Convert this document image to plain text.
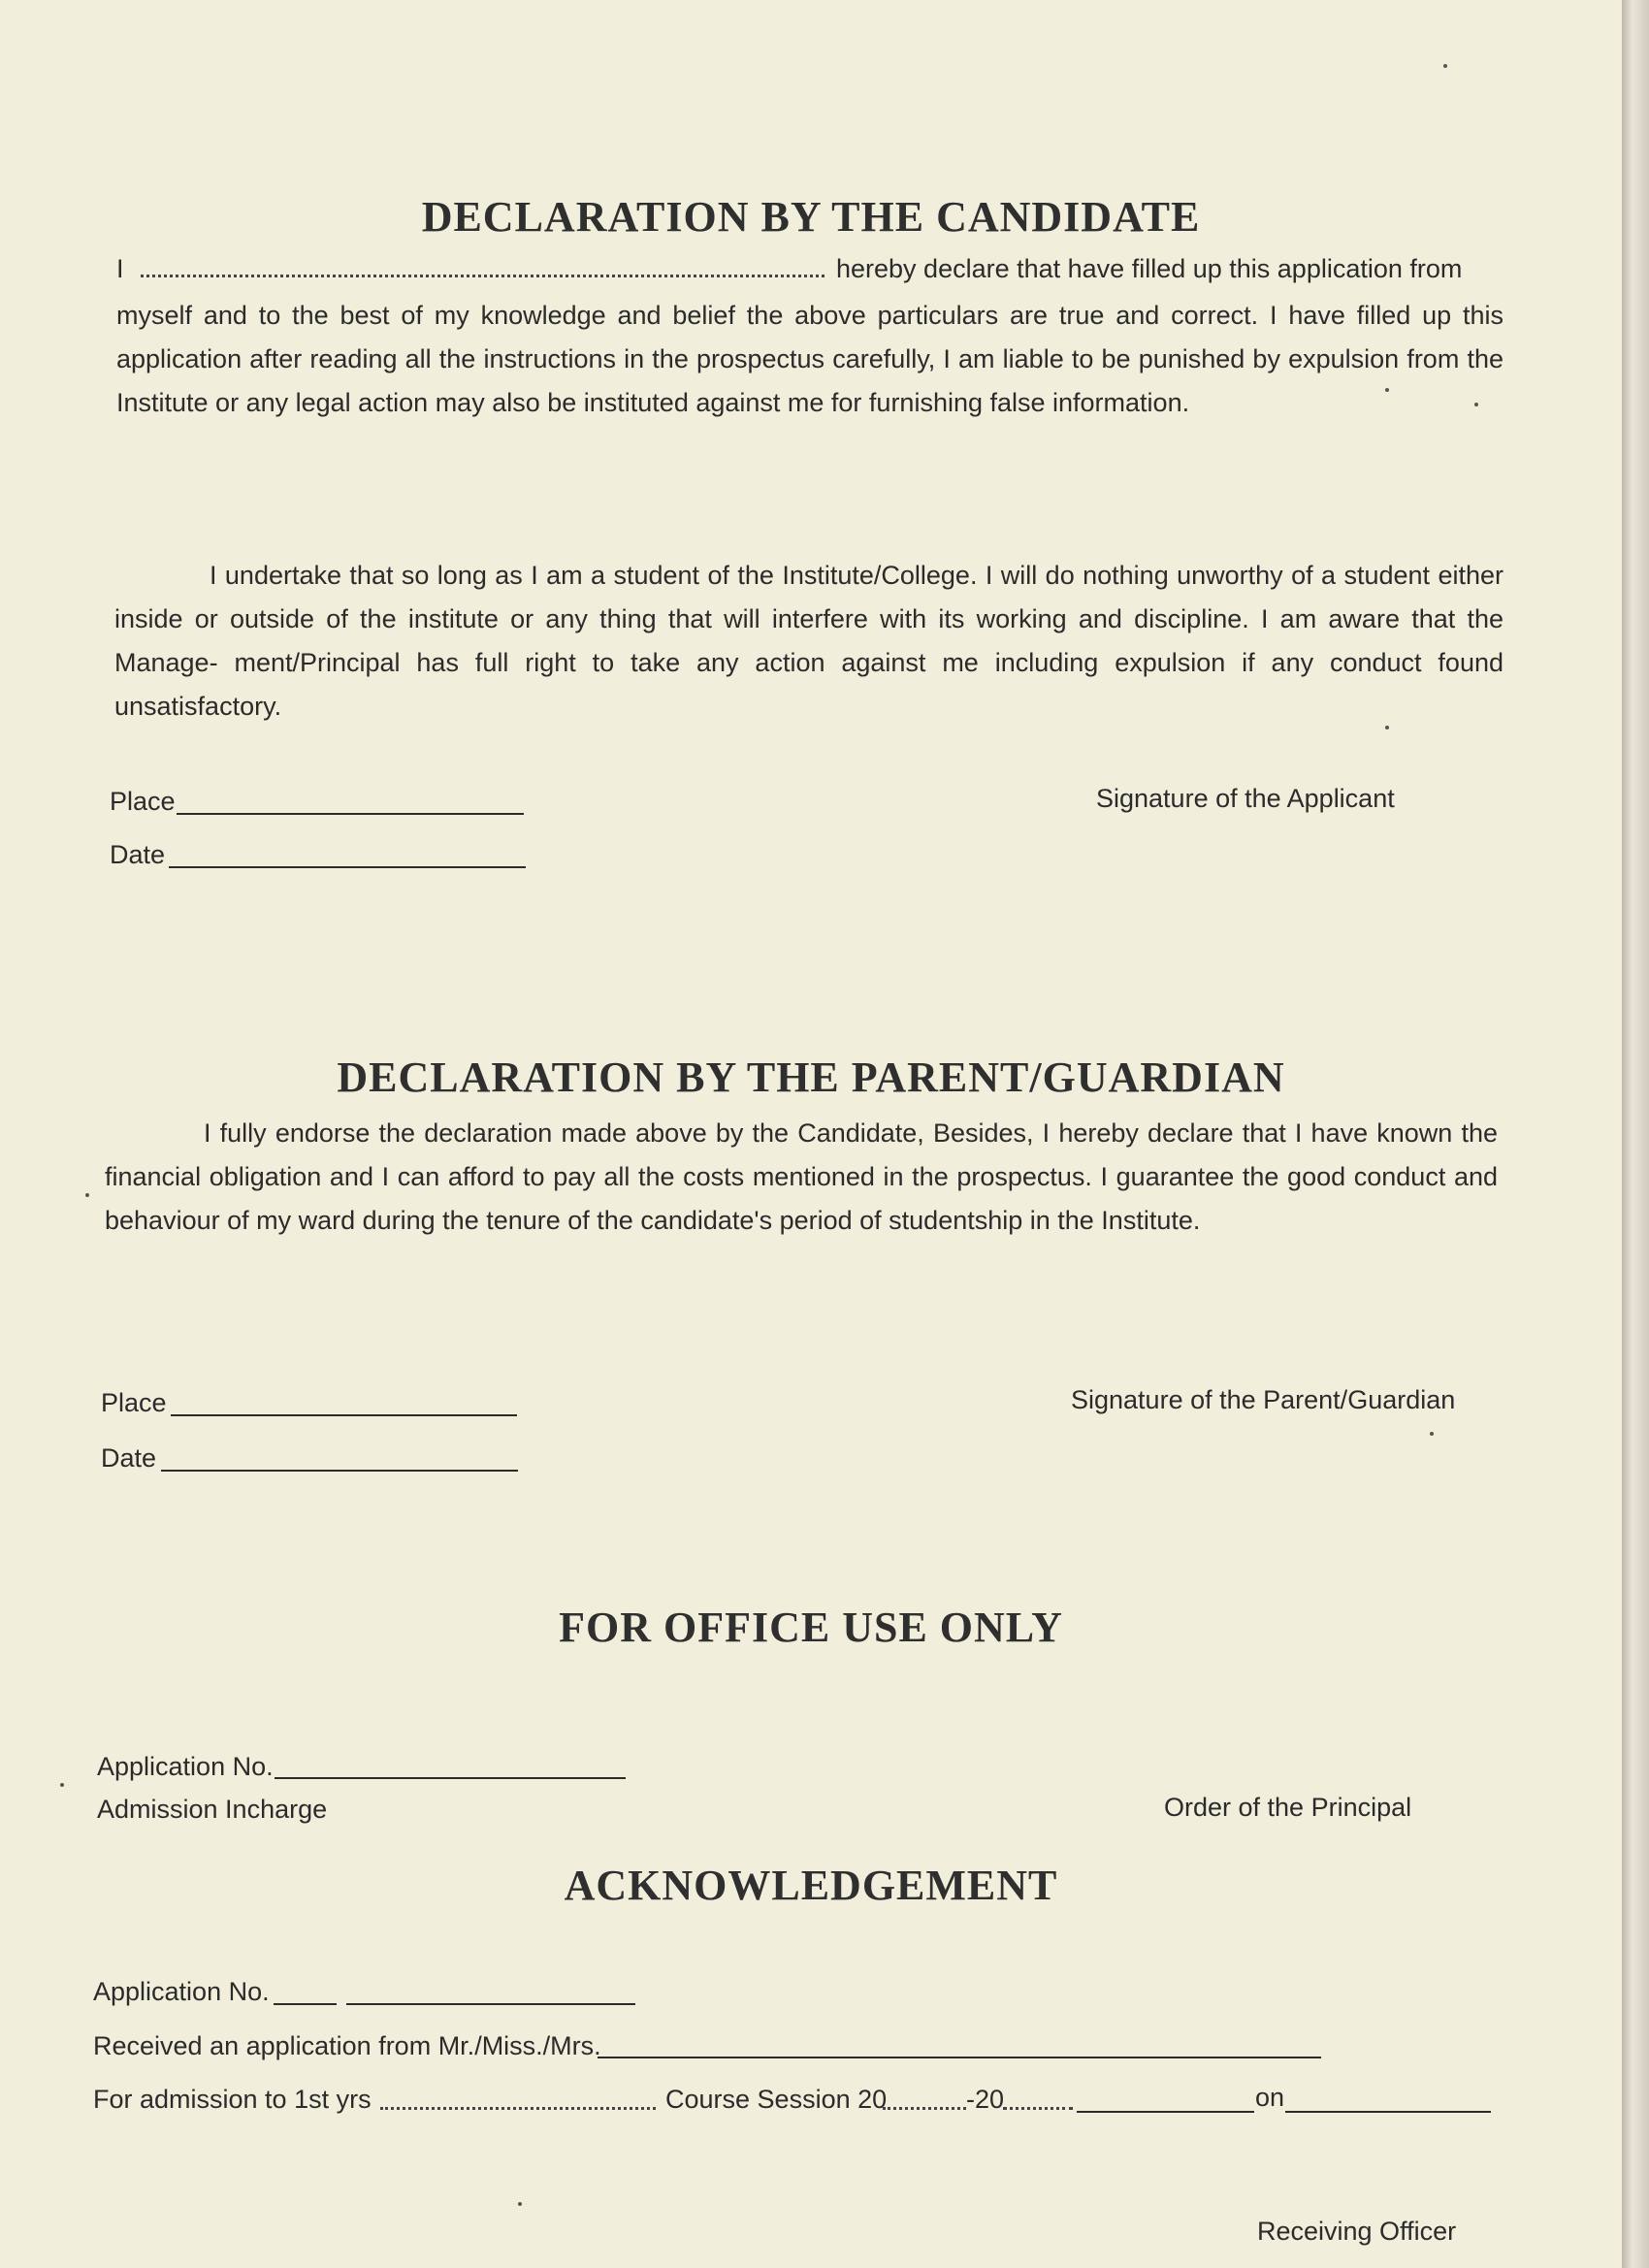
DECLARATION BY THE CANDIDATE
I	hereby declare that have filled up this application from

myself and to the best of my knowledge and belief the above particulars are true and correct. I have filled up this application after reading all the instructions in the prospectus carefully, I am liable to be punished by expulsion from the Institute or any legal action may also be instituted against me for furnishing false information.

I undertake that so long as I am a student of the Institute/College. I will do nothing unworthy of a student either inside or outside of the institute or any thing that will interfere with its working and discipline. I am aware that the Manage- ment/Principal has full right to take any action against me including expulsion if any conduct found unsatisfactory.

Place
Date
Signature of the Applicant
DECLARATION BY THE PARENT/GUARDIAN

I fully endorse the declaration made above by the Candidate, Besides, I hereby declare that I have known the financial obligation and I can afford to pay all the costs mentioned in the prospectus. I guarantee the good conduct and behaviour of my ward during the tenure of the candidate's period of studentship in the Institute.

Place
Date
Signature of the Parent/Guardian
FOR OFFICE USE ONLY
Application No.
Admission Incharge	Order of the Principal
ACKNOWLEDGEMENT
Application No.
Received an application from Mr./Miss./Mrs.
For admission to 1st yrs	Course Session 20	-20	on
Receiving Officer
